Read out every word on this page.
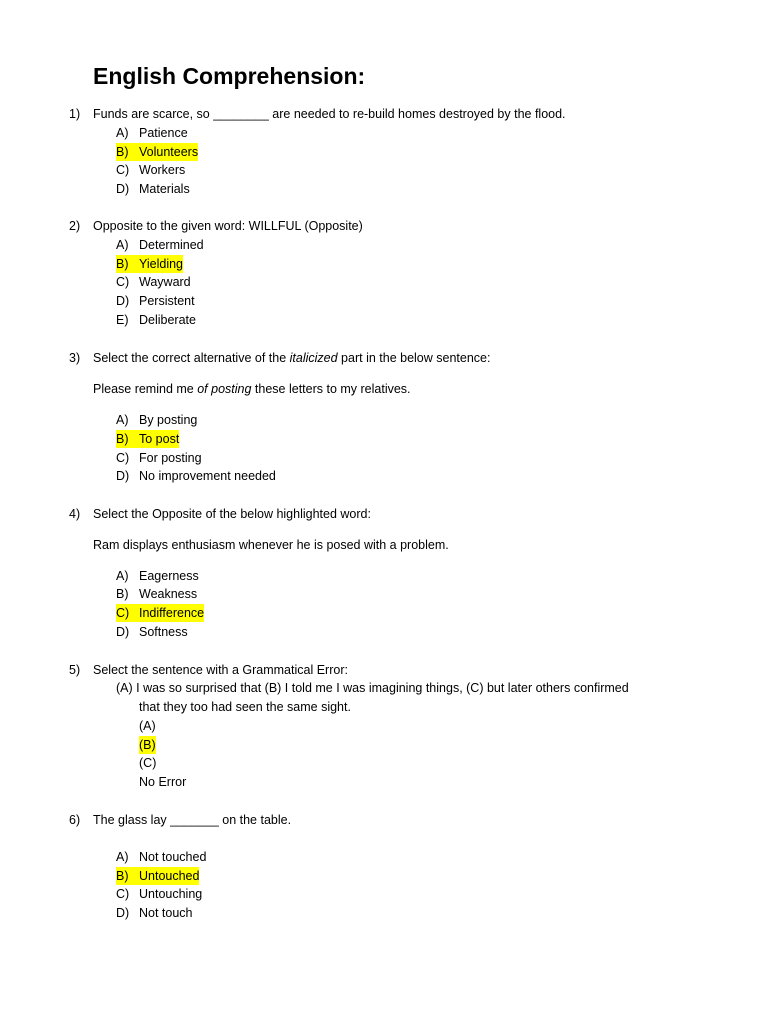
English Comprehension:
1) Funds are scarce, so ________ are needed to re-build homes destroyed by the flood.
A) Patience
B) Volunteers
C) Workers
D) Materials
2) Opposite to the given word: WILLFUL (Opposite)
A) Determined
B) Yielding
C) Wayward
D) Persistent
E) Deliberate
3) Select the correct alternative of the italicized part in the below sentence:
Please remind me of posting these letters to my relatives.
A) By posting
B) To post
C) For posting
D) No improvement needed
4) Select the Opposite of the below highlighted word:
Ram displays enthusiasm whenever he is posed with a problem.
A) Eagerness
B) Weakness
C) Indifference
D) Softness
5) Select the sentence with a Grammatical Error:
(A) I was so surprised that (B) I told me I was imagining things, (C) but later others confirmed
that they too had seen the same sight.
(A)
(B)
(C)
No Error
6) The glass lay _______ on the table.
A) Not touched
B) Untouched
C) Untouching
D) Not touch
